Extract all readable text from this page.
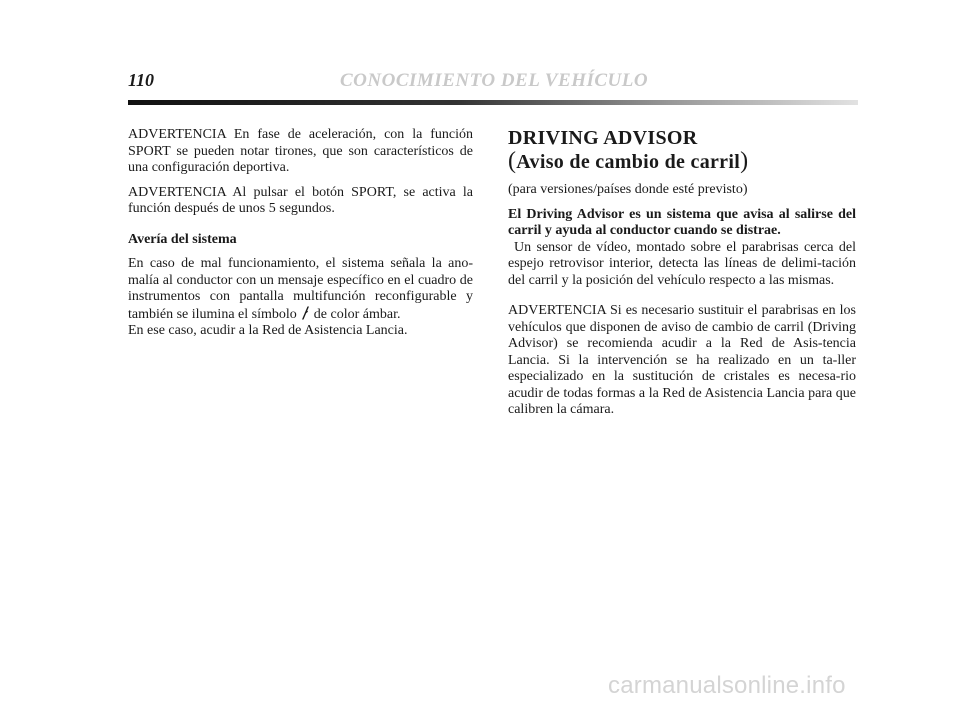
110	CONOCIMIENTO DEL VEHÍCULO

ADVERTENCIA En fase de aceleración, con la función SPORT se pueden notar tirones, que son característicos de una configuración deportiva.

ADVERTENCIA Al pulsar el botón SPORT, se activa la función después de unos 5 segundos.

Avería del sistema

En caso de mal funcionamiento, el sistema señala la ano-malía al conductor con un mensaje específico en el cuadro de instrumentos con pantalla multifunción reconfigurable y también se ilumina el símbolo de color ámbar.

En ese caso, acudir a la Red de Asistencia Lancia.

DRIVING ADVISOR
(Aviso de cambio de carril)

(para versiones/países donde esté previsto)

El Driving Advisor es un sistema que avisa al salirse del carril y ayuda al conductor cuando se distrae.
Un sensor de vídeo, montado sobre el parabrisas cerca del espejo retrovisor interior, detecta las líneas de delimi-tación del carril y la posición del vehículo respecto a las mismas.

ADVERTENCIA Si es necesario sustituir el parabrisas en los vehículos que disponen de aviso de cambio de carril (Driving Advisor) se recomienda acudir a la Red de Asis-tencia Lancia. Si la intervención se ha realizado en un ta-ller especializado en la sustitución de cristales es necesa-rio acudir de todas formas a la Red de Asistencia Lancia para que calibren la cámara.

carmanualsonline.info
